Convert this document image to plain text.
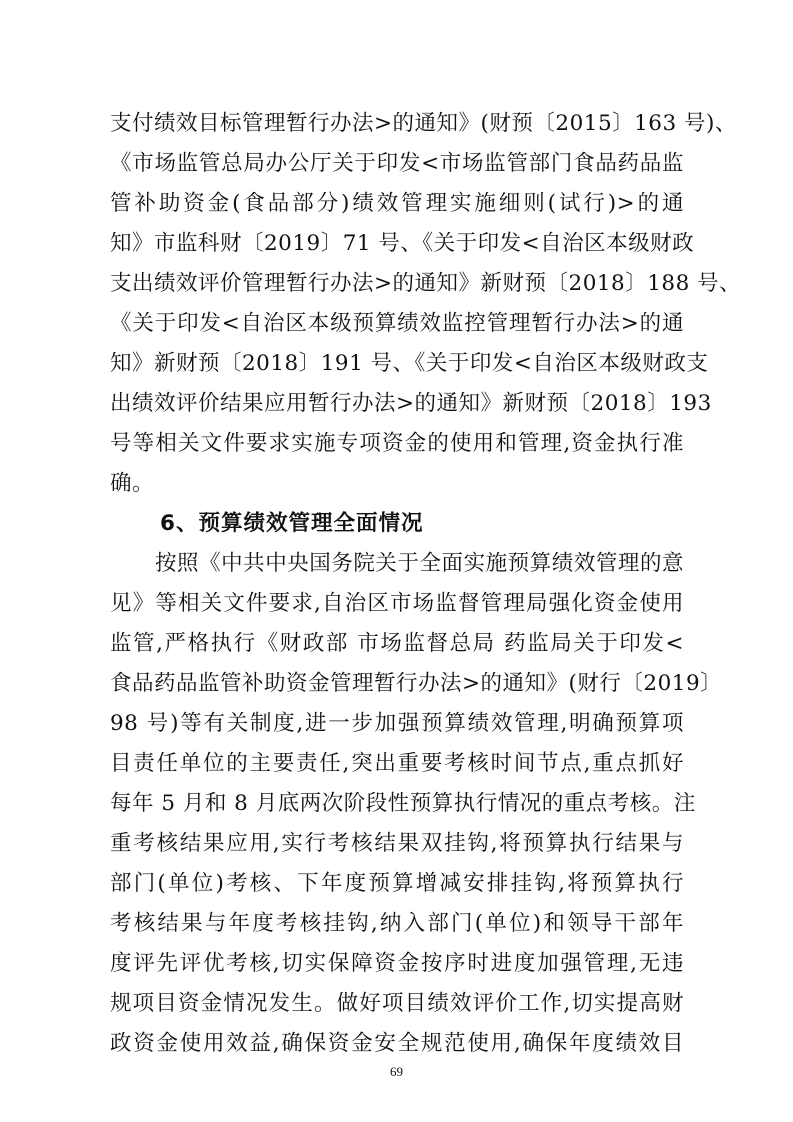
支付绩效目标管理暂行办法>的通知》(财预〔2015〕163 号)、
《市场监管总局办公厅关于印发<市场监管部门食品药品监
管补助资金(食品部分)绩效管理实施细则(试行)>的通
知》市监科财〔2019〕71 号、《关于印发<自治区本级财政
支出绩效评价管理暂行办法>的通知》新财预〔2018〕188 号、
《关于印发<自治区本级预算绩效监控管理暂行办法>的通
知》新财预〔2018〕191 号、《关于印发<自治区本级财政支
出绩效评价结果应用暂行办法>的通知》新财预〔2018〕193
号等相关文件要求实施专项资金的使用和管理,资金执行准
确。
6、预算绩效管理全面情况
按照《中共中央国务院关于全面实施预算绩效管理的意
见》等相关文件要求,自治区市场监督管理局强化资金使用
监管,严格执行《财政部 市场监督总局 药监局关于印发<
食品药品监管补助资金管理暂行办法>的通知》(财行〔2019〕
98 号)等有关制度,进一步加强预算绩效管理,明确预算项
目责任单位的主要责任,突出重要考核时间节点,重点抓好
每年 5 月和 8 月底两次阶段性预算执行情况的重点考核。注
重考核结果应用,实行考核结果双挂钩,将预算执行结果与
部门(单位)考核、下年度预算增减安排挂钩,将预算执行
考核结果与年度考核挂钩,纳入部门(单位)和领导干部年
度评先评优考核,切实保障资金按序时进度加强管理,无违
规项目资金情况发生。做好项目绩效评价工作,切实提高财
政资金使用效益,确保资金安全规范使用,确保年度绩效目
69
